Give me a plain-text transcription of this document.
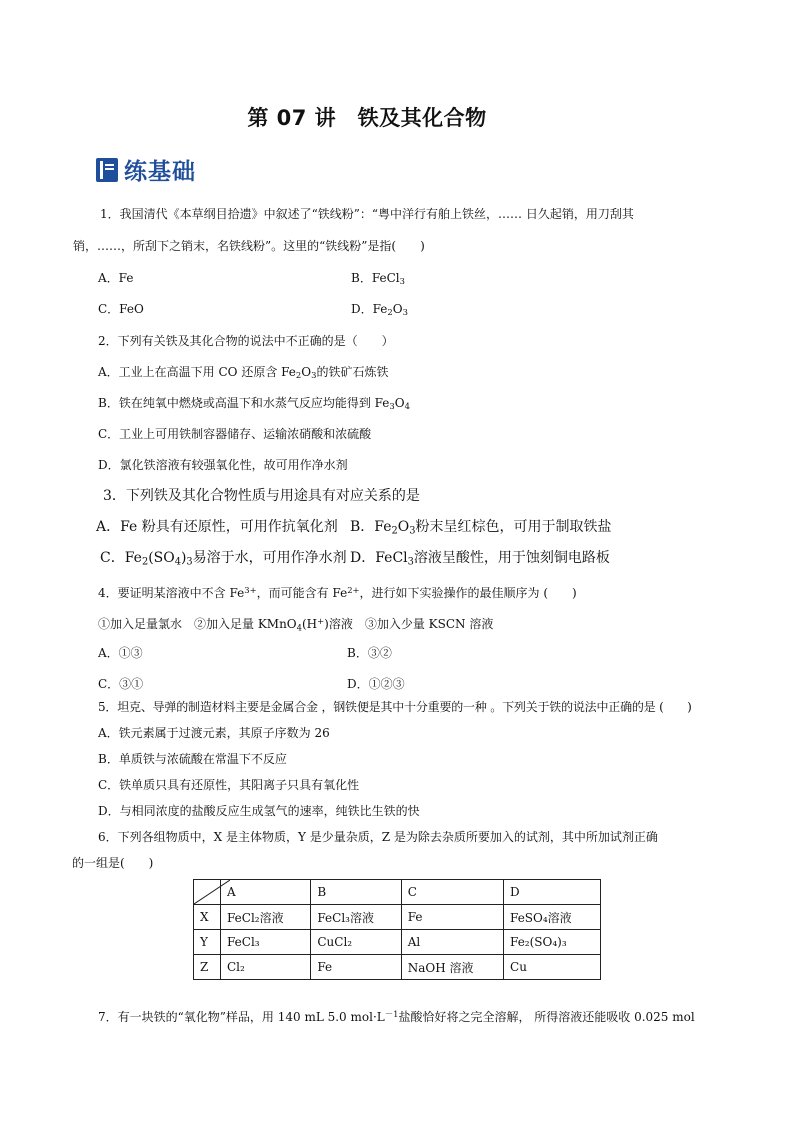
第 07 讲　铁及其化合物
练基础
1．我国清代《本草纲目拾遗》中叙述了“铁线粉”：“粤中洋行有舶上铁丝，…… 日久起销，用刀刮其
销，……，所刮下之销末，名铁线粉”。这里的“铁线粉”是指(　　)
A．Fe	B．FeCl$_3$
C．FeO	D．$Fe_2O_3$
2．下列有关铁及其化合物的说法中不正确的是（　　）
A．工业上在高温下用 CO 还原含 $Fe_2O_3$的铁矿石炼铁
B．铁在纯氧中燃烧或高温下和水蒸气反应均能得到 $Fe_3O_4$
C．工业上可用铁制容器储存、运输浓硝酸和浓硫酸
D．氯化铁溶液有较强氧化性，故可用作净水剂
3．下列铁及其化合物性质与用途具有对应关系的是
A．Fe 粉具有还原性，可用作抗氧化剂 B．$Fe_2O_3$粉末呈红棕色，可用于制取铁盐
C．$Fe_2(SO_4)_3$易溶于水，可用作净水剂 D．FeCl$_3$溶液呈酸性，用于蚀刻铜电路板
4．要证明某溶液中不含 $Fe^{3+}$，而可能含有 $Fe^{2+}$，进行如下实验操作的最佳顺序为 (　　)
①加入足量氯水　②加入足量 KMnO$_4$(H+)溶液　③加入少量 KSCN 溶液
A．①③	B．③②
C．③①	D．①②③
5．坦克、导弹的制造材料主要是金属合金 ，钢铁便是其中十分重要的一种 。下列关于铁的说法中正确的是 (　　)
A．铁元素属于过渡元素，其原子序数为 26
B．单质铁与浓硫酸在常温下不反应
C．铁单质只具有还原性，其阳离子只具有氧化性
D．与相同浓度的盐酸反应生成氢气的速率，纯铁比生铁的快
6．下列各组物质中，X 是主体物质，Y 是少量杂质，Z 是为除去杂质所要加入的试剂，其中所加试剂正确
的一组是(　　)
	A	B	C	D
X	FeCl₂溶液	FeCl₃溶液	Fe	FeSO₄溶液
Y	FeCl₃	CuCl₂	Al	Fe₂(SO₄)₃
Z	Cl₂	Fe	NaOH 溶液	Cu
7．有一块铁的“氧化物”样品，用 140 mL 5.0 $mol\cdot L^{-1}$盐酸恰好将之完全溶解， 所得溶液还能吸收 0.025 mol
